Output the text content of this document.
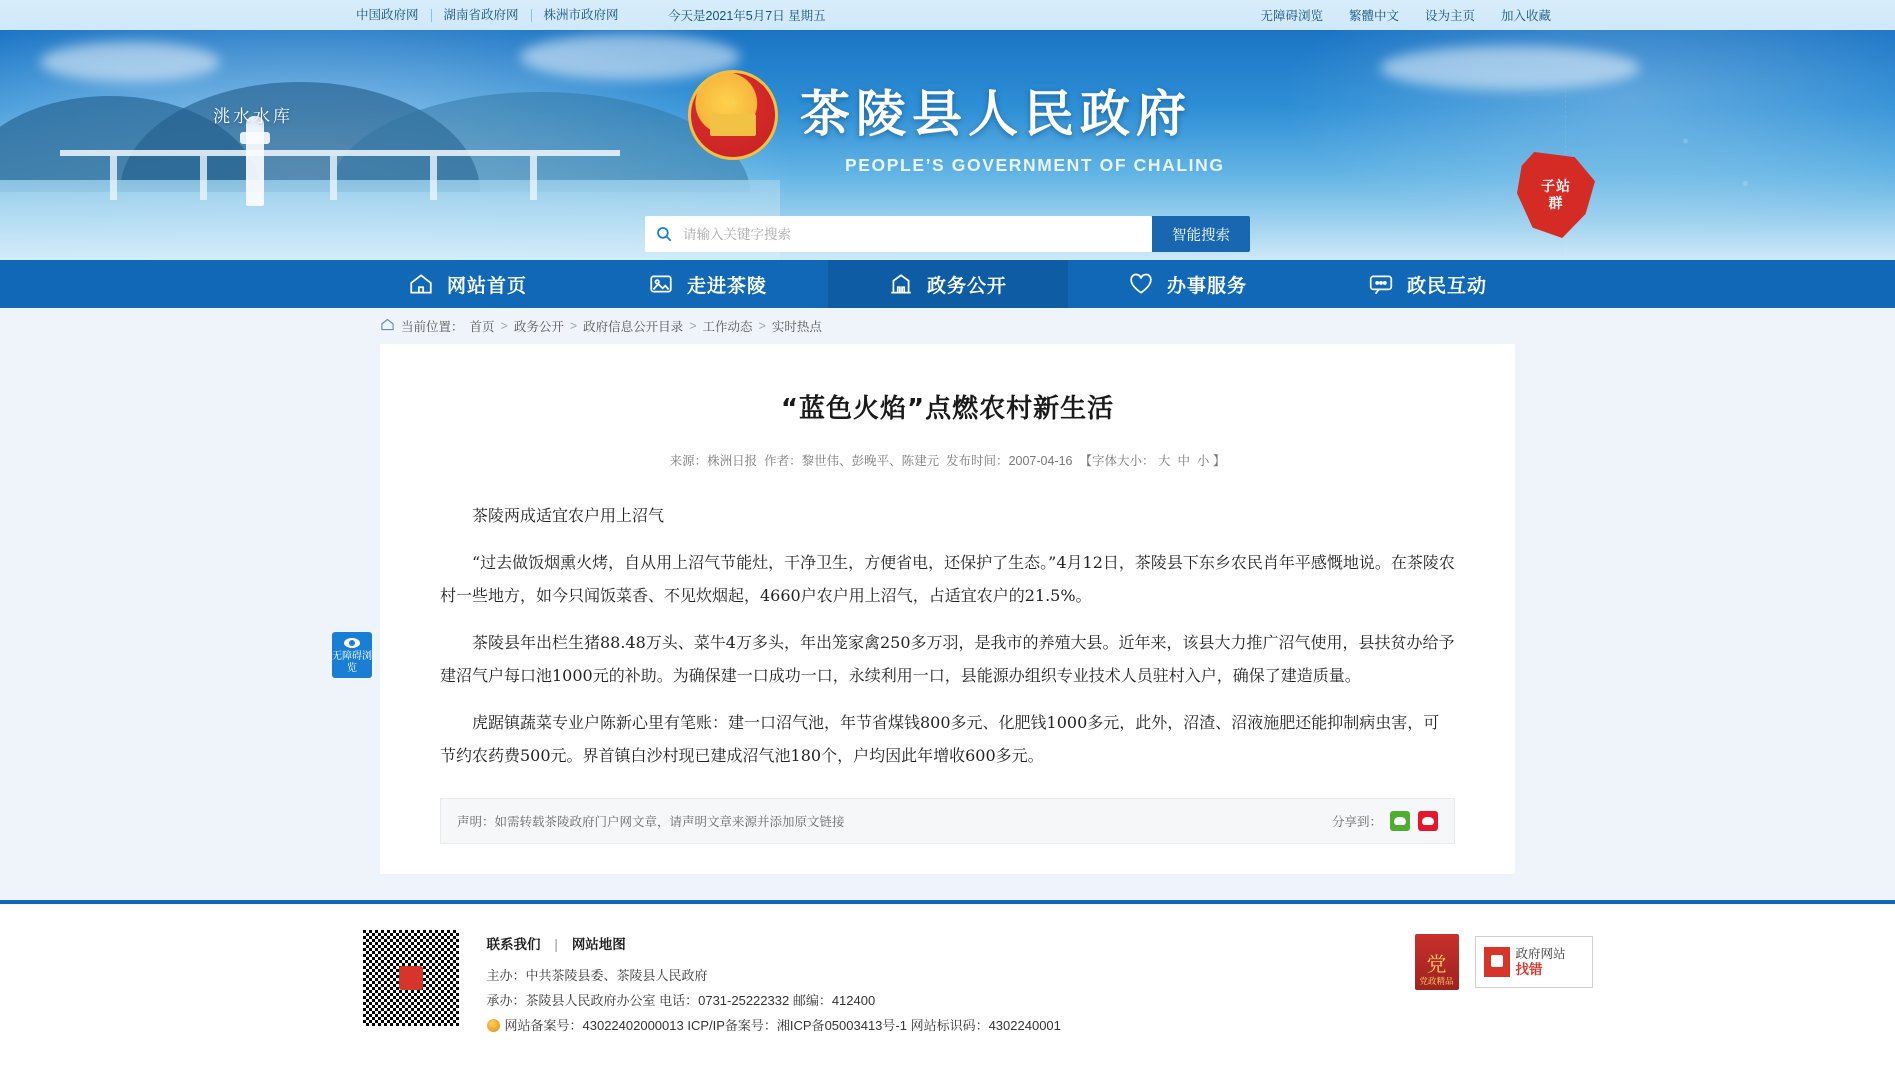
中国政府网	湖南省政府网	株洲市政府网	今天是2021年5月7日 星期五	无障碍浏览 繁體中文 设为主页 加入收藏
洮水水库
★ 茶陵县人民政府
PEOPLE’S GOVERNMENT OF CHALING
子站群
请输入关键字搜索
智能搜索
网站首页	走进茶陵	政务公开	办事服务	政民互动
当前位置： 首页 > 政务公开 > 政府信息公开目录 > 工作动态 > 实时热点
无障碍浏览
“蓝色火焰”点燃农村新生活
来源：株洲日报 作者：黎世伟、彭晚平、陈建元 发布时间：2007-04-16 【字体大小： 大 中 小 】

茶陵两成适宜农户用上沼气

“过去做饭烟熏火烤，自从用上沼气节能灶，干净卫生，方便省电，还保护了生态。”4月12日，茶陵县下东乡农民肖年平感慨地说。在茶陵农村一些地方，如今只闻饭菜香、不见炊烟起，4660户农户用上沼气，占适宜农户的21.5%。

茶陵县年出栏生猪88.48万头、菜牛4万多头，年出笼家禽250多万羽，是我市的养殖大县。近年来，该县大力推广沼气使用，县扶贫办给予建沼气户每口池1000元的补助。为确保建一口成功一口，永续利用一口，县能源办组织专业技术人员驻村入户，确保了建造质量。

虎踞镇蔬菜专业户陈新心里有笔账：建一口沼气池，年节省煤钱800多元、化肥钱1000多元，此外，沼渣、沼液施肥还能抑制病虫害，可节约农药费500元。界首镇白沙村现已建成沼气池180个，户均因此年增收600多元。

声明：如需转载茶陵政府门户网文章，请声明文章来源并添加原文链接	分享到：
联系我们 | 网站地图
主办：中共茶陵县委、茶陵县人民政府
承办：茶陵县人民政府办公室 电话：0731-25222332 邮编：412400
网站备案号：43022402000013 ICP/IP备案号：湘ICP备05003413号-1 网站标识码：4302240001
党
党政精品
政府网站
找错
